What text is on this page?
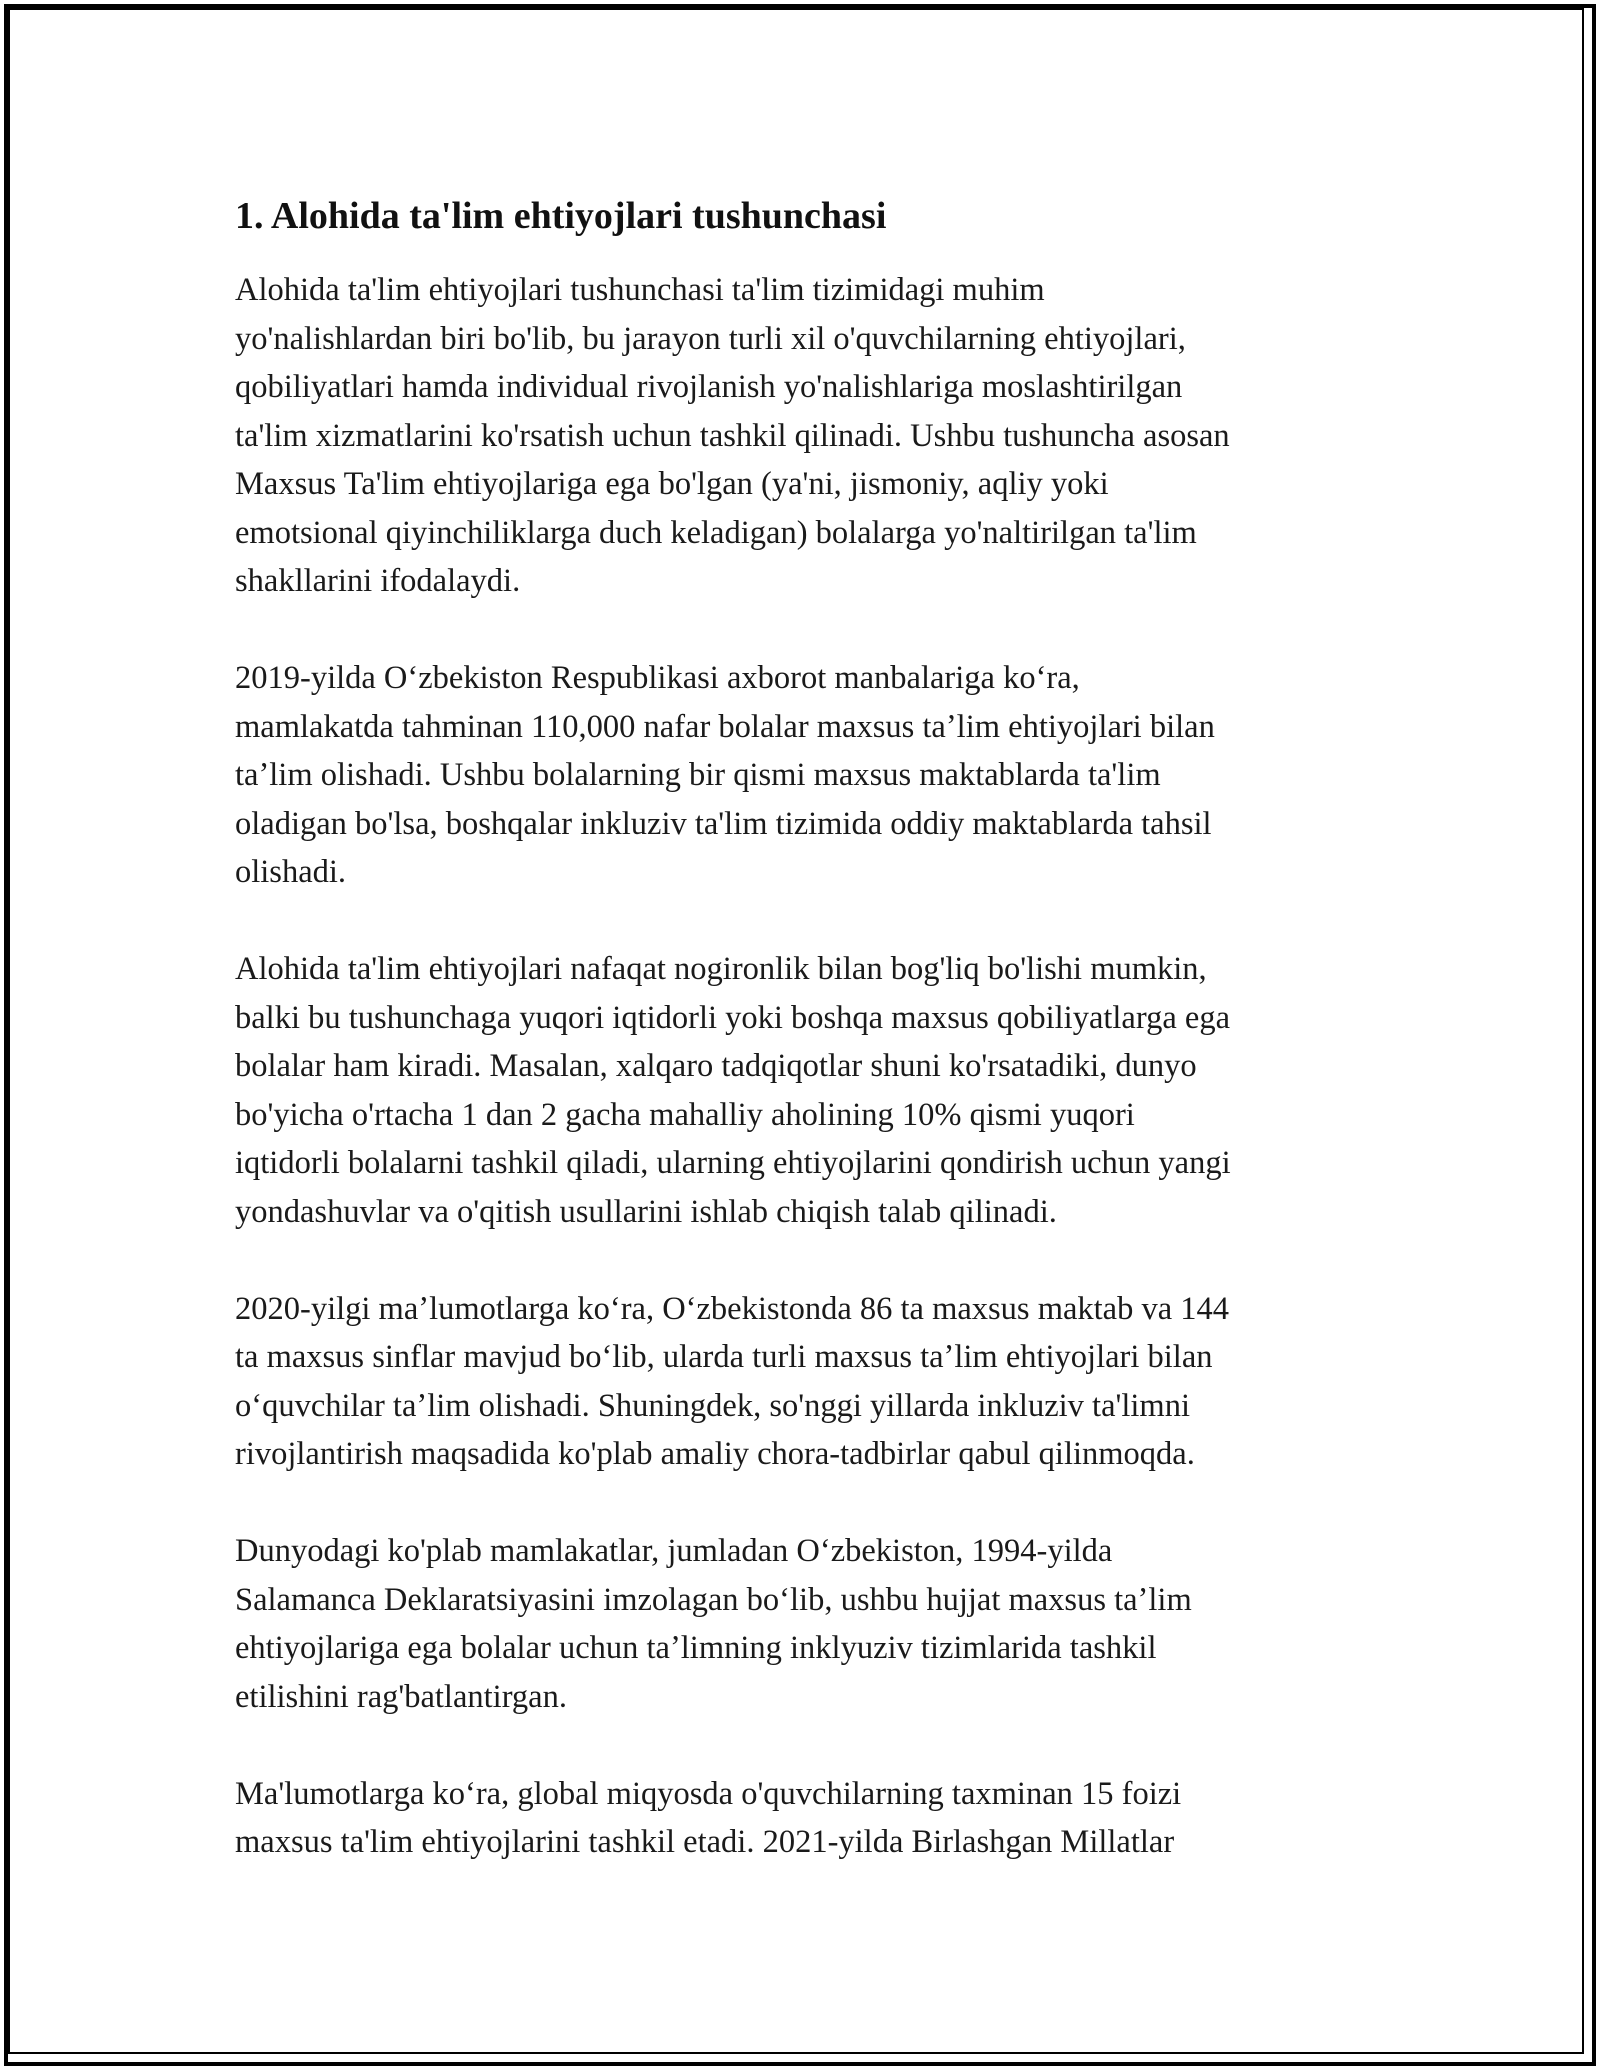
1. Alohida ta'lim ehtiyojlari tushunchasi

Alohida ta'lim ehtiyojlari tushunchasi ta'lim tizimidagi muhim
yo'nalishlardan biri bo'lib, bu jarayon turli xil o'quvchilarning ehtiyojlari,
qobiliyatlari hamda individual rivojlanish yo'nalishlariga moslashtirilgan
ta'lim xizmatlarini ko'rsatish uchun tashkil qilinadi. Ushbu tushuncha asosan
Maxsus Ta'lim ehtiyojlariga ega bo'lgan (ya'ni, jismoniy, aqliy yoki
emotsional qiyinchiliklarga duch keladigan) bolalarga yo'naltirilgan ta'lim
shakllarini ifodalaydi.

2019-yilda Oʻzbekiston Respublikasi axborot manbalariga koʻra,
mamlakatda tahminan 110,000 nafar bolalar maxsus taʼlim ehtiyojlari bilan
taʼlim olishadi. Ushbu bolalarning bir qismi maxsus maktablarda ta'lim
oladigan bo'lsa, boshqalar inkluziv ta'lim tizimida oddiy maktablarda tahsil
olishadi.

Alohida ta'lim ehtiyojlari nafaqat nogironlik bilan bog'liq bo'lishi mumkin,
balki bu tushunchaga yuqori iqtidorli yoki boshqa maxsus qobiliyatlarga ega
bolalar ham kiradi. Masalan, xalqaro tadqiqotlar shuni ko'rsatadiki, dunyo
bo'yicha o'rtacha 1 dan 2 gacha mahalliy aholining 10% qismi yuqori
iqtidorli bolalarni tashkil qiladi, ularning ehtiyojlarini qondirish uchun yangi
yondashuvlar va o'qitish usullarini ishlab chiqish talab qilinadi.

2020-yilgi maʼlumotlarga koʻra, Oʻzbekistonda 86 ta maxsus maktab va 144
ta maxsus sinflar mavjud boʻlib, ularda turli maxsus taʼlim ehtiyojlari bilan
oʻquvchilar taʼlim olishadi. Shuningdek, so'nggi yillarda inkluziv ta'limni
rivojlantirish maqsadida ko'plab amaliy chora-tadbirlar qabul qilinmoqda.

Dunyodagi ko'plab mamlakatlar, jumladan Oʻzbekiston, 1994-yilda
Salamanca Deklaratsiyasini imzolagan boʻlib, ushbu hujjat maxsus taʼlim
ehtiyojlariga ega bolalar uchun taʼlimning inklyuziv tizimlarida tashkil
etilishini rag'batlantirgan.

Ma'lumotlarga koʻra, global miqyosda o'quvchilarning taxminan 15 foizi
maxsus ta'lim ehtiyojlarini tashkil etadi. 2021-yilda Birlashgan Millatlar
